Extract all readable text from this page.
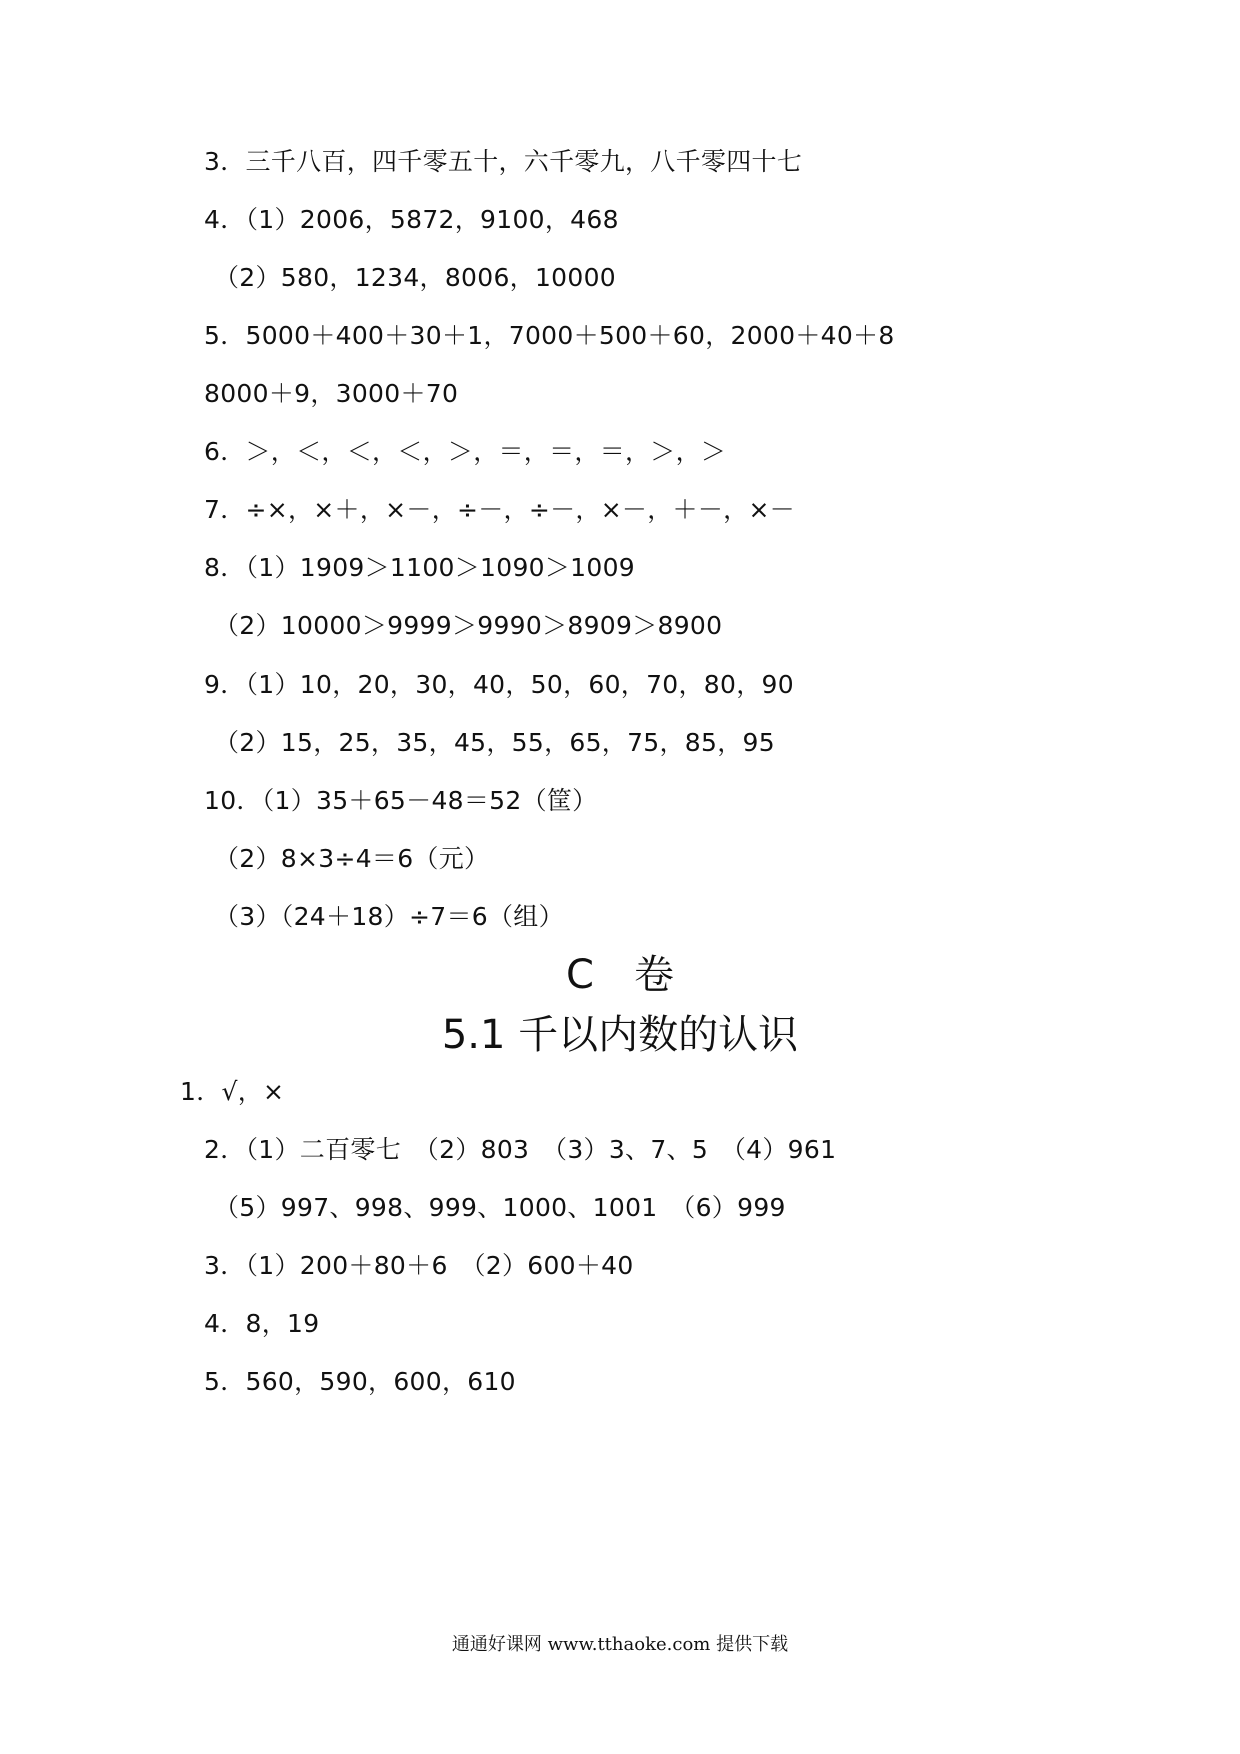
3．三千八百，四千零五十，六千零九，八千零四十七
4．（1）2006，5872，9100，468
（2）580，1234，8006，10000
5．5000＋400＋30＋1，7000＋500＋60，2000＋40＋8
8000＋9，3000＋70
6．＞，＜，＜，＜，＞，＝，＝，＝，＞，＞
7．÷×，×＋，×－，÷－，÷－，×－，＋－，×－
8．（1）1909＞1100＞1090＞1009
（2）10000＞9999＞9990＞8909＞8900
9．（1）10，20，30，40，50，60，70，80，90
（2）15，25，35，45，55，65，75，85，95
10．（1）35＋65－48＝52（筐）
（2）8×3÷4＝6（元）
（3）（24＋18）÷7＝6（组）
C　卷
5.1 千以内数的认识
1．√，×
2．（1）二百零七　（2）803　（3）3、7、5　（4）961
（5）997、998、999、1000、1001　（6）999
3．（1）200＋80＋6　（2）600＋40
4．8，19
5．560，590，600，610
通通好课网 www.tthaoke.com 提供下载
